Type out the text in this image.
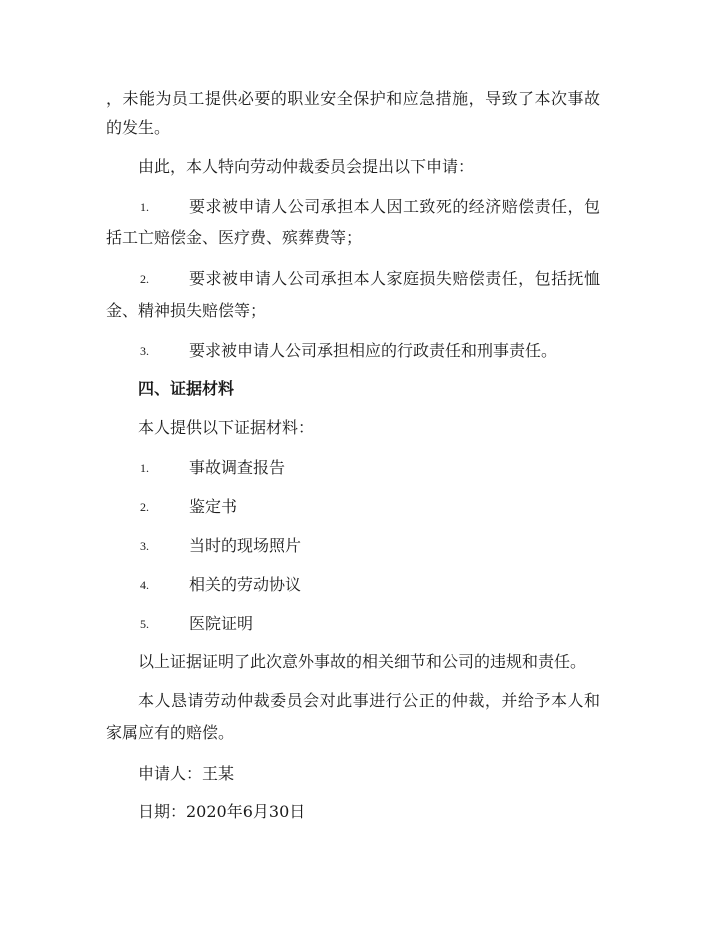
，未能为员工提供必要的职业安全保护和应急措施，导致了本次事故
的发生。
由此，本人特向劳动仲裁委员会提出以下申请：
1.	要求被申请人公司承担本人因工致死的经济赔偿责任，包
括工亡赔偿金、医疗费、殡葬费等；
2.	要求被申请人公司承担本人家庭损失赔偿责任，包括抚恤
金、精神损失赔偿等；
3.	要求被申请人公司承担相应的行政责任和刑事责任。
四、证据材料
本人提供以下证据材料：
1.	事故调查报告
2.	鉴定书
3.	当时的现场照片
4.	相关的劳动协议
5.	医院证明
以上证据证明了此次意外事故的相关细节和公司的违规和责任。
本人恳请劳动仲裁委员会对此事进行公正的仲裁，并给予本人和
家属应有的赔偿。
申请人：王某
日期：2020年6月30日
